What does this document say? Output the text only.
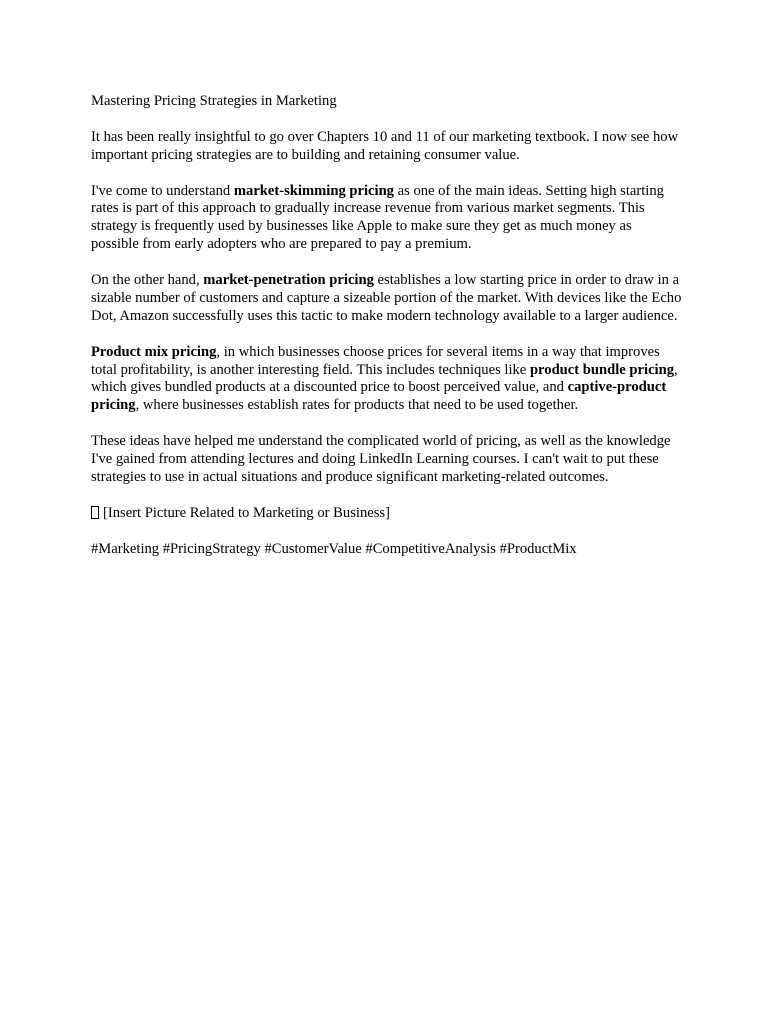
Mastering Pricing Strategies in Marketing

It has been really insightful to go over Chapters 10 and 11 of our marketing textbook. I now see how important pricing strategies are to building and retaining consumer value.

I've come to understand market-skimming pricing as one of the main ideas. Setting high starting rates is part of this approach to gradually increase revenue from various market segments. This strategy is frequently used by businesses like Apple to make sure they get as much money as possible from early adopters who are prepared to pay a premium.

On the other hand, market-penetration pricing establishes a low starting price in order to draw in a sizable number of customers and capture a sizeable portion of the market. With devices like the Echo Dot, Amazon successfully uses this tactic to make modern technology available to a larger audience.

Product mix pricing, in which businesses choose prices for several items in a way that improves total profitability, is another interesting field. This includes techniques like product bundle pricing, which gives bundled products at a discounted price to boost perceived value, and captive-product pricing, where businesses establish rates for products that need to be used together.

These ideas have helped me understand the complicated world of pricing, as well as the knowledge I've gained from attending lectures and doing LinkedIn Learning courses. I can't wait to put these strategies to use in actual situations and produce significant marketing-related outcomes.

[Insert Picture Related to Marketing or Business]

#Marketing #PricingStrategy #CustomerValue #CompetitiveAnalysis #ProductMix
